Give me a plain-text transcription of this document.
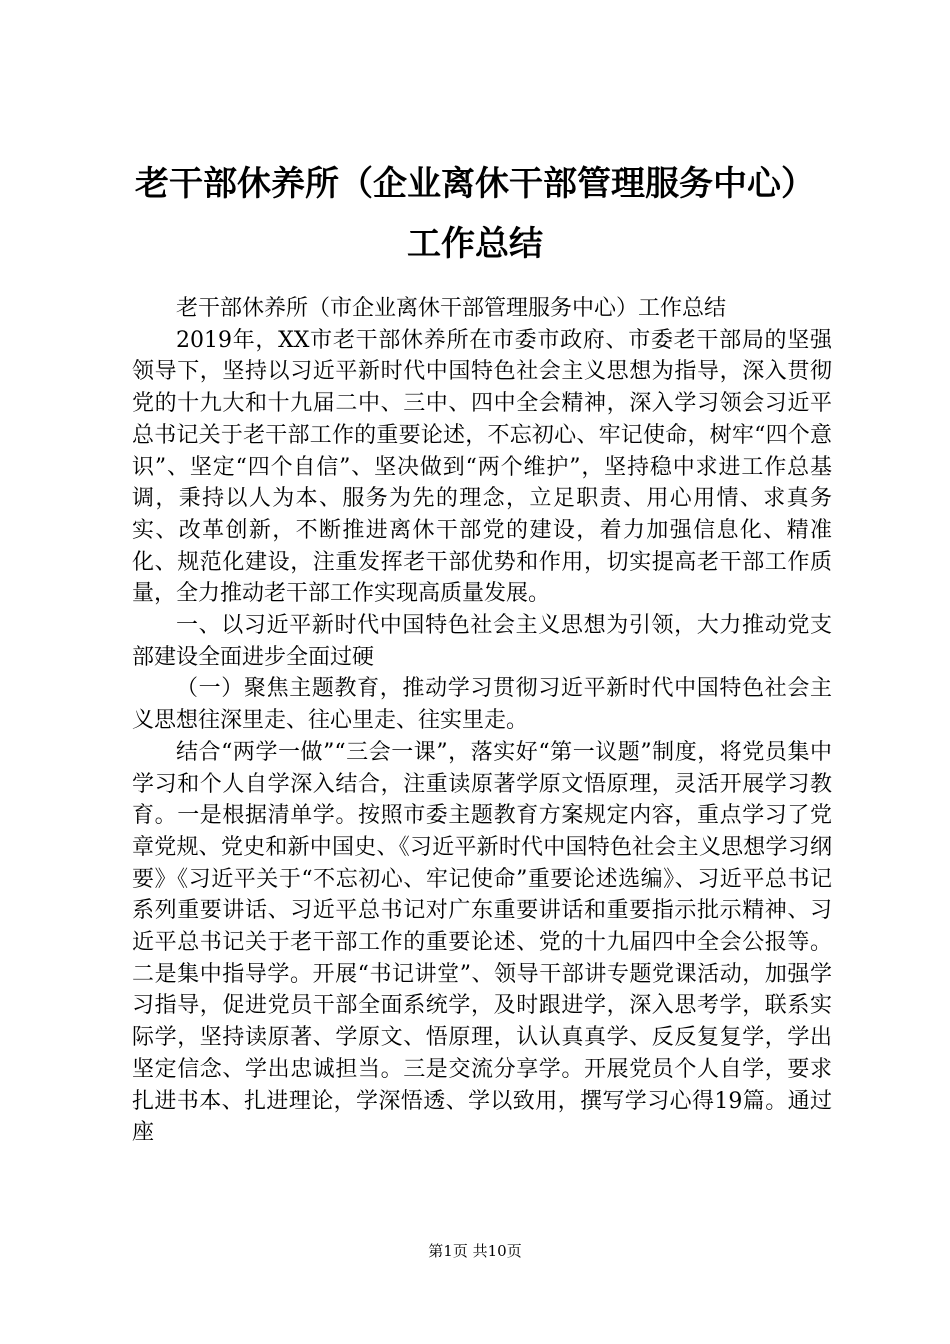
老干部休养所（企业离休干部管理服务中心）
工作总结

老干部休养所（市企业离休干部管理服务中心）工作总结

2019年，XX市老干部休养所在市委市政府、市委老干部局的坚强领导下，坚持以习近平新时代中国特色社会主义思想为指导，深入贯彻党的十九大和十九届二中、三中、四中全会精神，深入学习领会习近平总书记关于老干部工作的重要论述，不忘初心、牢记使命，树牢“四个意识”、坚定“四个自信”、坚决做到“两个维护”，坚持稳中求进工作总基调，秉持以人为本、服务为先的理念，立足职责、用心用情、求真务实、改革创新，不断推进离休干部党的建设，着力加强信息化、精准化、规范化建设，注重发挥老干部优势和作用，切实提高老干部工作质量，全力推动老干部工作实现高质量发展。

一、以习近平新时代中国特色社会主义思想为引领，大力推动党支部建设全面进步全面过硬

（一）聚焦主题教育，推动学习贯彻习近平新时代中国特色社会主义思想往深里走、往心里走、往实里走。

结合“两学一做”“三会一课”，落实好“第一议题”制度，将党员集中学习和个人自学深入结合，注重读原著学原文悟原理，灵活开展学习教育。一是根据清单学。按照市委主题教育方案规定内容，重点学习了党章党规、党史和新中国史、《习近平新时代中国特色社会主义思想学习纲要》《习近平关于“不忘初心、牢记使命”重要论述选编》、习近平总书记系列重要讲话、习近平总书记对广东重要讲话和重要指示批示精神、习近平总书记关于老干部工作的重要论述、党的十九届四中全会公报等。二是集中指导学。开展“书记讲堂”、领导干部讲专题党课活动，加强学习指导，促进党员干部全面系统学，及时跟进学，深入思考学，联系实际学，坚持读原著、学原文、悟原理，认认真真学、反反复复学，学出坚定信念、学出忠诚担当。三是交流分享学。开展党员个人自学，要求扎进书本、扎进理论，学深悟透、学以致用，撰写学习心得19篇。通过座

第1页 共10页
